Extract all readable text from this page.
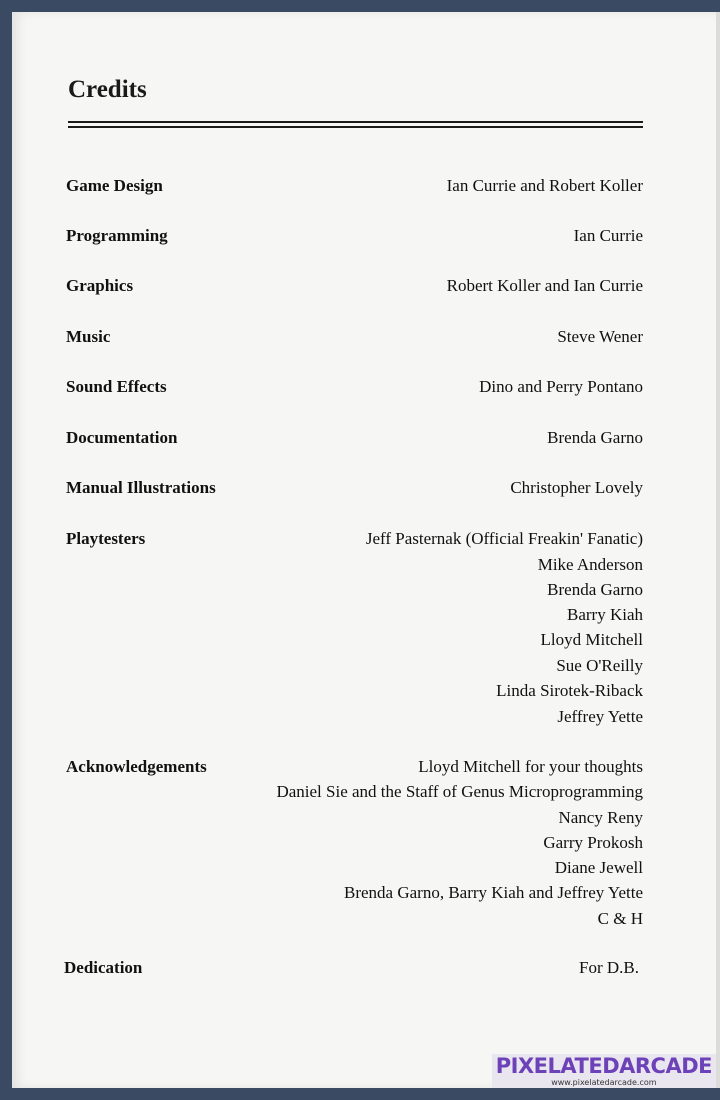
Credits
Game Design	Ian Currie and Robert Koller
Programming	Ian Currie
Graphics	Robert Koller and Ian Currie
Music	Steve Wener
Sound Effects	Dino and Perry Pontano
Documentation	Brenda Garno
Manual Illustrations	Christopher Lovely
Playtesters	Jeff Pasternak (Official Freakin' Fanatic)
Mike Anderson
Brenda Garno
Barry Kiah
Lloyd Mitchell
Sue O'Reilly
Linda Sirotek-Riback
Jeffrey Yette
Acknowledgements	Lloyd Mitchell for your thoughts
Daniel Sie and the Staff of Genus Microprogramming
Nancy Reny
Garry Prokosh
Diane Jewell
Brenda Garno, Barry Kiah and Jeffrey Yette
C & H
Dedication	For D.B.
PIXELATEDARCADE
www.pixelatedarcade.com
